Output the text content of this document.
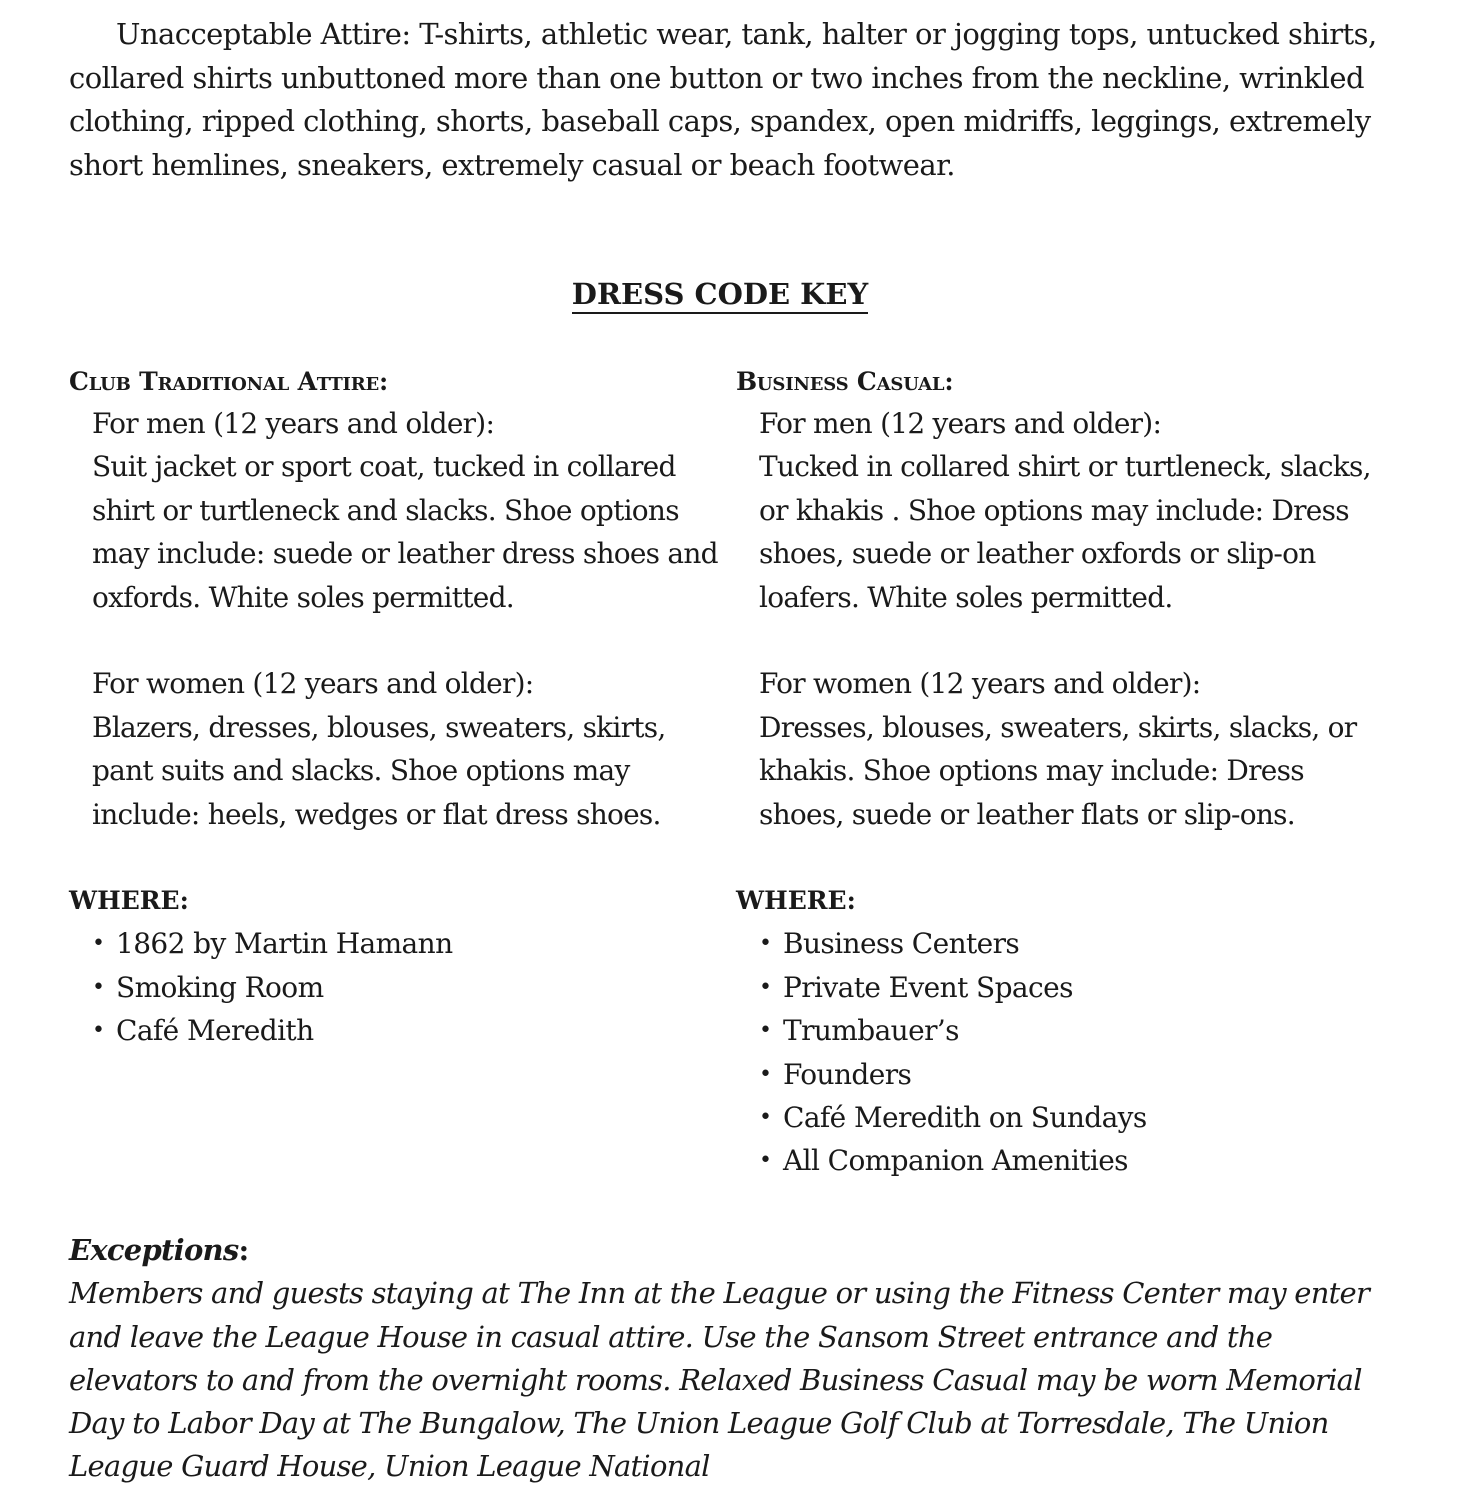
Unacceptable Attire: T-shirts, athletic wear, tank, halter or jogging tops, untucked shirts, collared shirts unbuttoned more than one button or two inches from the neckline, wrinkled clothing, ripped clothing, shorts, baseball caps, spandex, open midriffs, leggings, extremely short hemlines, sneakers, extremely casual or beach footwear.

DRESS CODE KEY
Club Traditional Attire:

For men (12 years and older):

Suit jacket or sport coat, tucked in collared shirt or turtleneck and slacks. Shoe options may include: suede or leather dress shoes and oxfords. White soles permitted.

For women (12 years and older):

Blazers, dresses, blouses, sweaters, skirts, pant suits and slacks. Shoe options may include: heels, wedges or flat dress shoes.

WHERE:
• 1862 by Martin Hamann
• Smoking Room
• Café Meredith
Business Casual:

For men (12 years and older):

Tucked in collared shirt or turtleneck, slacks, or khakis . Shoe options may include: Dress shoes, suede or leather oxfords or slip-on loafers. White soles permitted.

For women (12 years and older):

Dresses, blouses, sweaters, skirts, slacks, or khakis. Shoe options may include: Dress shoes, suede or leather flats or slip-ons.

WHERE:
• Business Centers
• Private Event Spaces
• Trumbauer’s
• Founders
• Café Meredith on Sundays
• All Companion Amenities

Exceptions:

Members and guests staying at The Inn at the League or using the Fitness Center may enter and leave the League House in casual attire. Use the Sansom Street entrance and the elevators to and from the overnight rooms. Relaxed Business Casual may be worn Memorial Day to Labor Day at The Bungalow, The Union League Golf Club at Torresdale, The Union League Guard House, Union League National
